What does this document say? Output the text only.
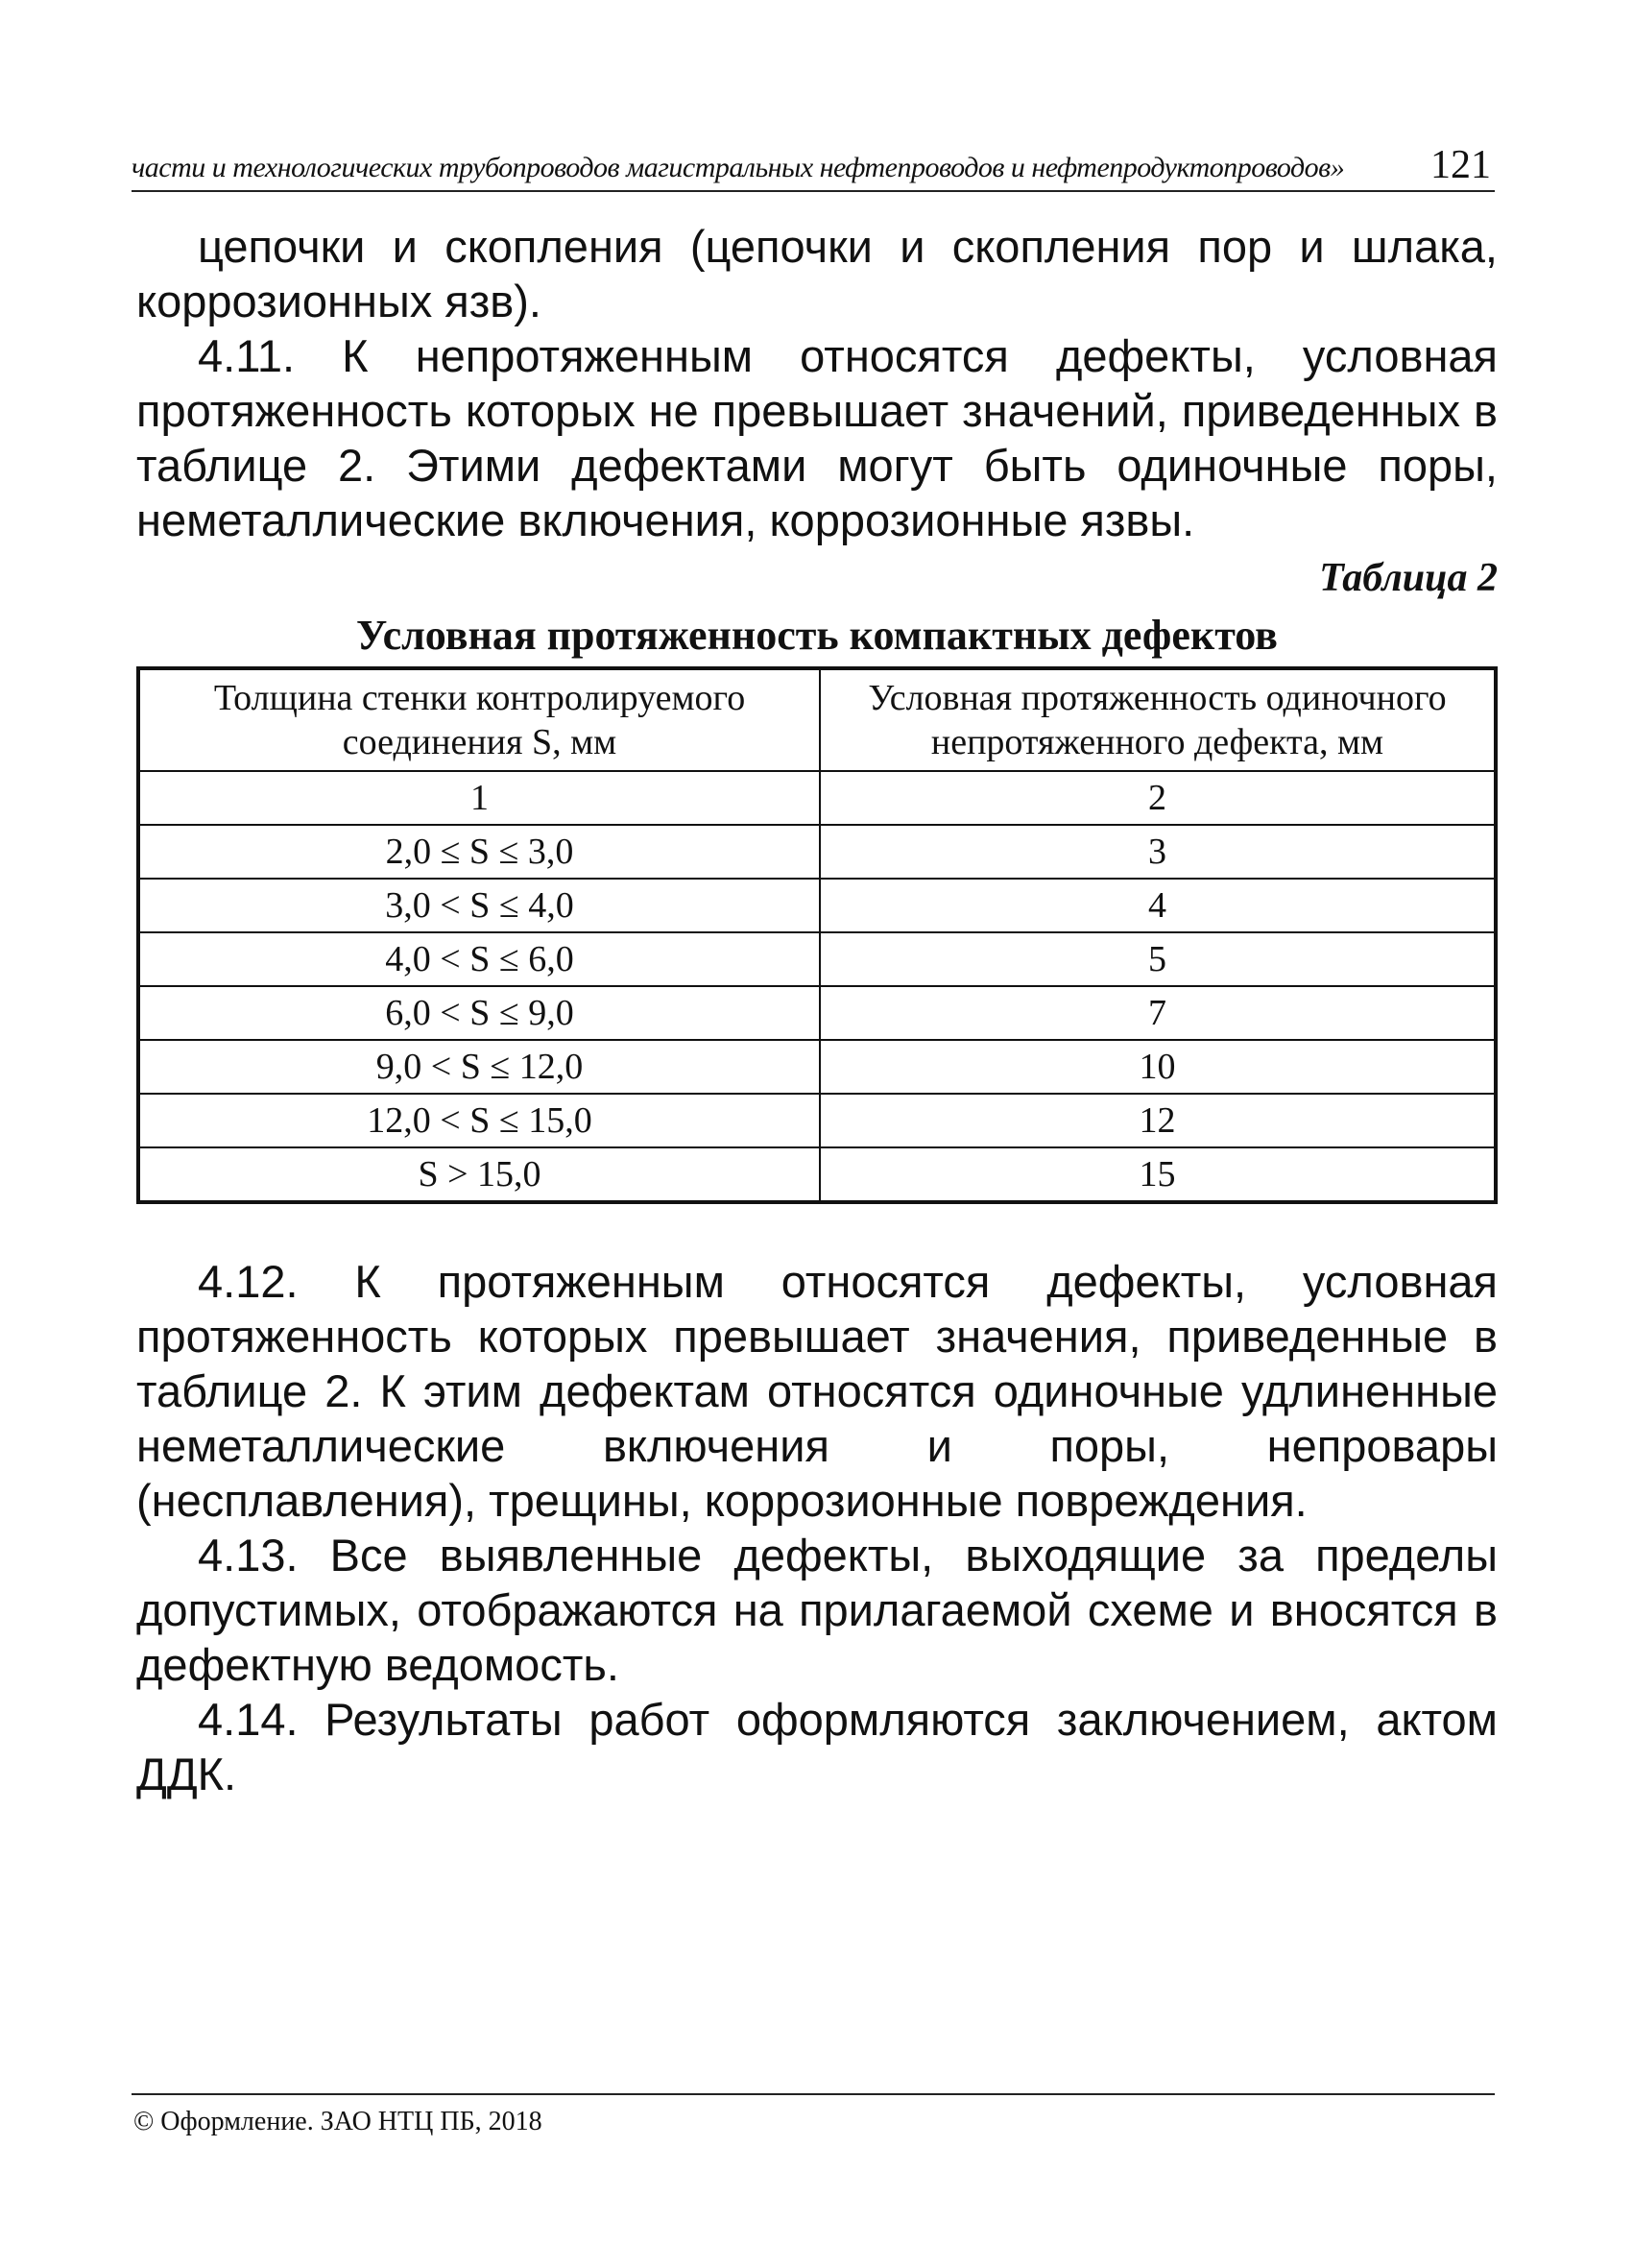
части и технологических трубопроводов магистральных нефтепроводов и нефтепродуктопроводов» 121

цепочки и скопления (цепочки и скопления пор и шлака, коррозионных язв).

4.11. К непротяженным относятся дефекты, условная протяженность которых не превышает значений, приведенных в таблице 2. Этими дефектами могут быть одиночные поры, неметаллические включения, коррозионные язвы.

Таблица 2
Условная протяженность компактных дефектов
Толщина стенки контролируемого соединения S, мм	Условная протяженность одиночного непротяженного дефекта, мм
1	2
2,0 ≤ S ≤ 3,0	3
3,0 < S ≤ 4,0	4
4,0 < S ≤ 6,0	5
6,0 < S ≤ 9,0	7
9,0 < S ≤ 12,0	10
12,0 < S ≤ 15,0	12
S > 15,0	15

4.12. К протяженным относятся дефекты, условная протяженность которых превышает значения, приведенные в таблице 2. К этим дефектам относятся одиночные удлиненные неметаллические включения и поры, непровары (несплавления), трещины, коррозионные повреждения.

4.13. Все выявленные дефекты, выходящие за пределы допустимых, отображаются на прилагаемой схеме и вносятся в дефектную ведомость.

4.14. Результаты работ оформляются заключением, актом ДДК.

© Оформление. ЗАО НТЦ ПБ, 2018
